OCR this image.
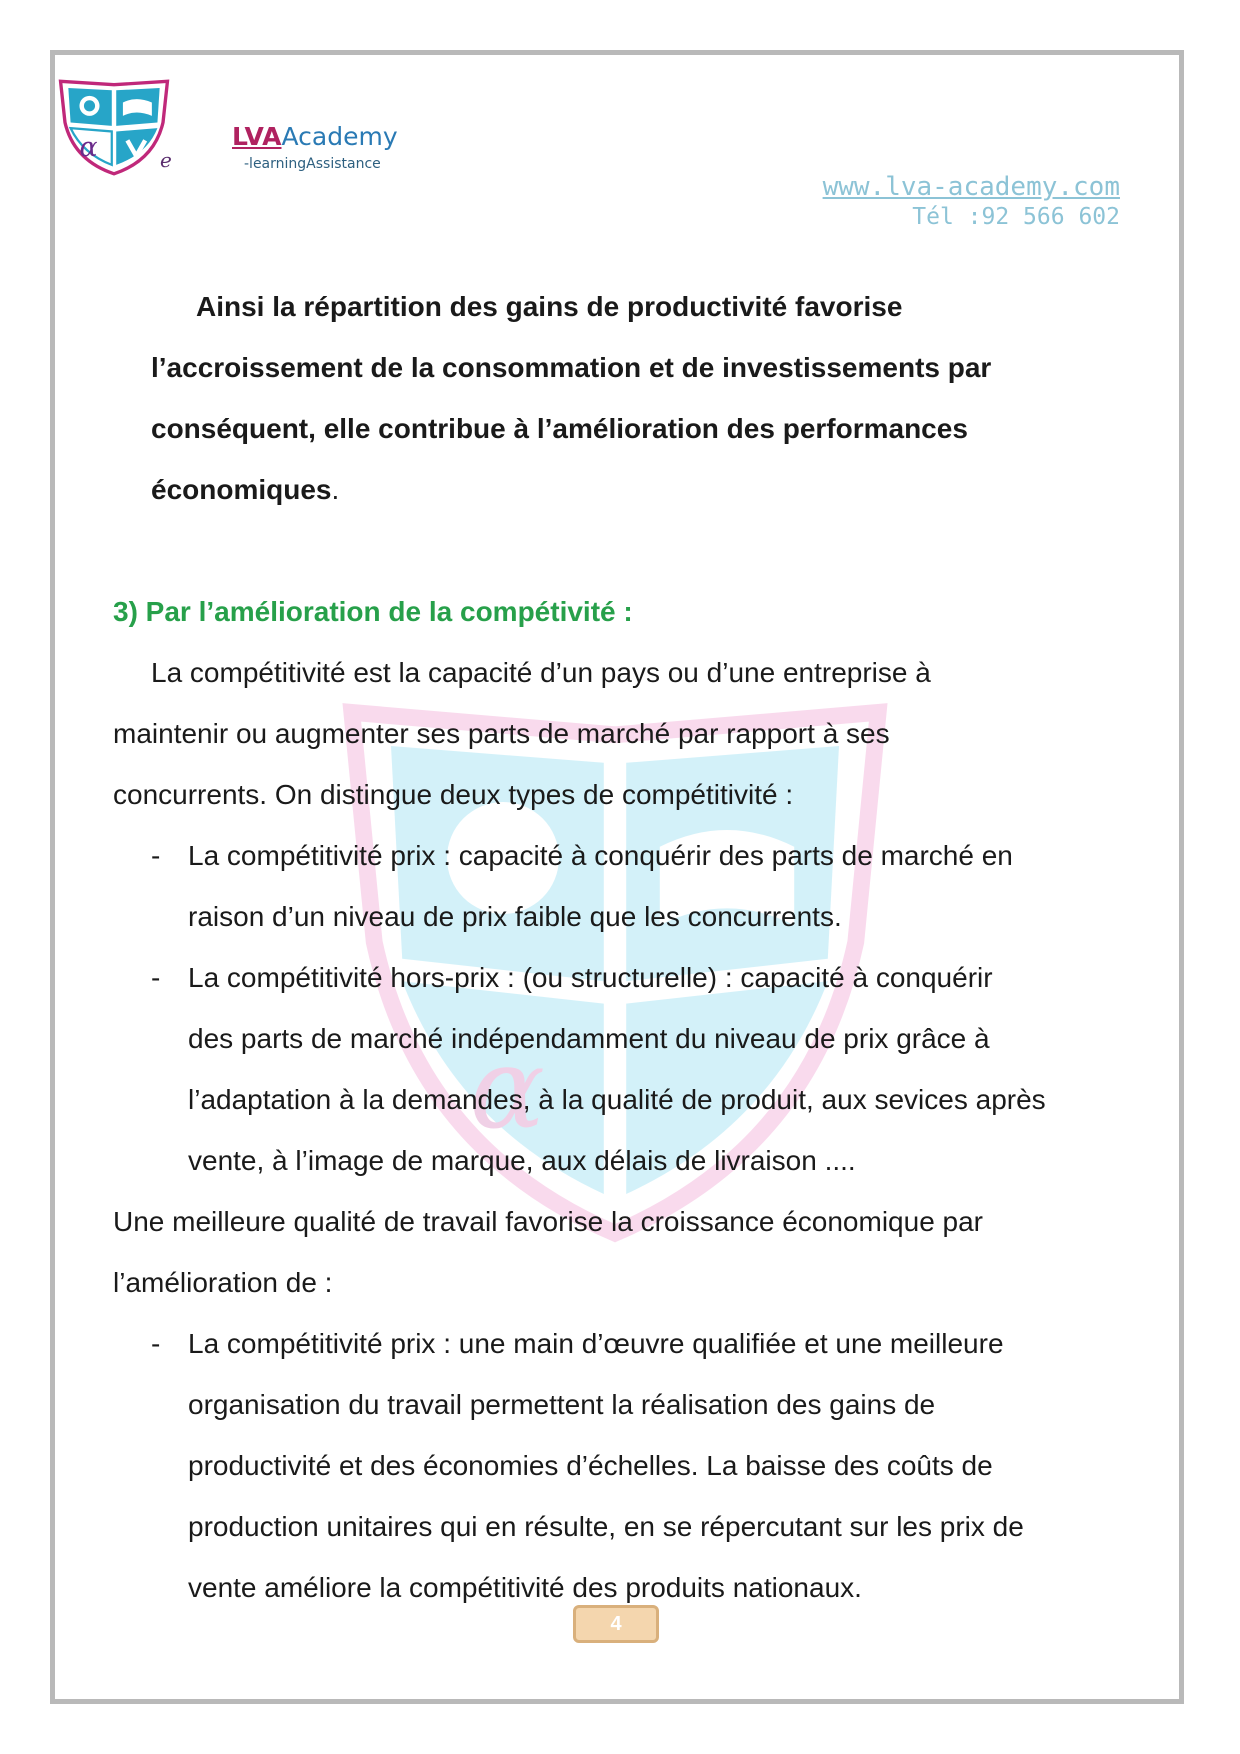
α
α	e
LVAAcademy
-learningAssistance
www.lva-academy.com
Tél :92 566 602
Ainsi la répartition des gains de productivité favorise
l’accroissement de la consommation et de investissements par
conséquent, elle contribue à l’amélioration des performances
économiques.
3) Par l’amélioration de la compétivité :
La compétitivité est la capacité d’un pays ou d’une entreprise à
maintenir ou augmenter ses parts de marché par rapport à ses
concurrents. On distingue deux types de compétitivité :
- La compétitivité prix : capacité à conquérir des parts de marché en
raison d’un niveau de prix faible que les concurrents.
- La compétitivité hors-prix : (ou structurelle) : capacité à conquérir
des parts de marché indépendamment du niveau de prix grâce à
l’adaptation à la demandes, à la qualité de produit, aux sevices après
vente, à l’image de marque, aux délais de livraison ....
Une meilleure qualité de travail favorise la croissance économique par
l’amélioration de :
- La compétitivité prix : une main d’œuvre qualifiée et une meilleure
organisation du travail permettent la réalisation des gains de
productivité et des économies d’échelles. La baisse des coûts de
production unitaires qui en résulte, en se répercutant sur les prix de
vente améliore la compétitivité des produits nationaux.
4
